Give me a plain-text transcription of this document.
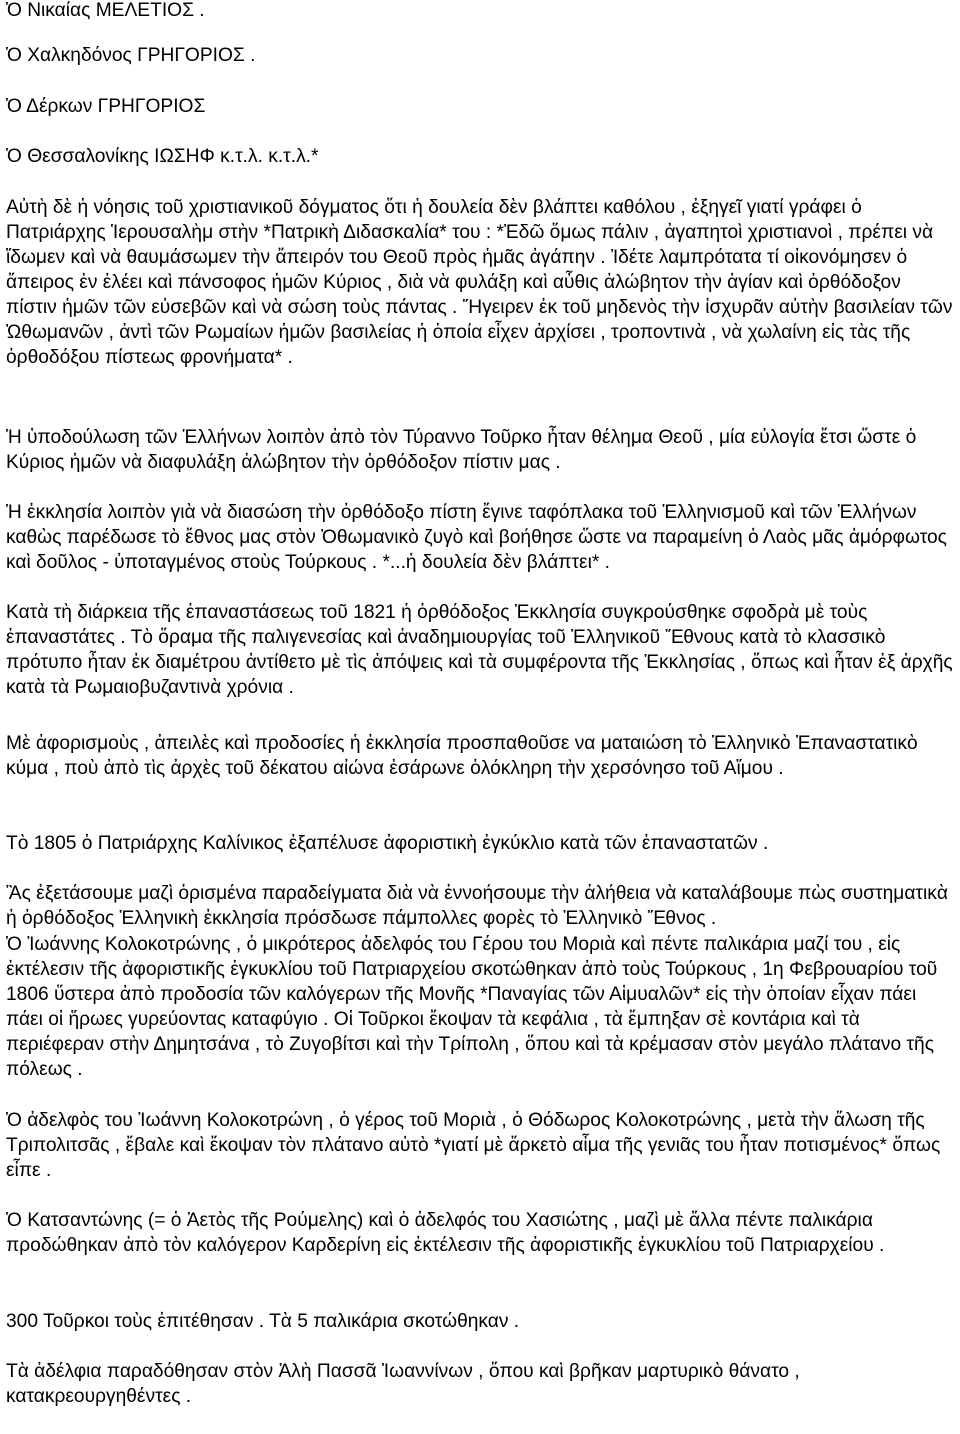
Ὁ Νικαίας ΜΕΛΕΤΙΟΣ .

Ὁ Χαλκηδόνος ΓΡΗΓΟΡΙΟΣ .

Ὁ Δέρκων ΓΡΗΓΟΡΙΟΣ

Ὁ Θεσσαλονίκης ΙΩΣΗΦ κ.τ.λ. κ.τ.λ.*

Αὐτὴ δὲ ἡ νόησις τοῦ χριστιανικοῦ δόγματος ὅτι ἡ δουλεία δὲν βλάπτει καθόλου , ἐξηγεῖ γιατί γράφει ὁ Πατριάρχης Ἱερουσαλὴμ στὴν *Πατρικὴ Διδασκαλία* του : *Ἐδῶ ὅμως πάλιν , ἀγαπητοὶ χριστιανοὶ , πρέπει νὰ ἴδωμεν καὶ νὰ θαυμάσωμεν τὴν ἄπειρόν του Θεοῦ πρὸς ἡμᾶς ἀγάπην . Ἰδέτε λαμπρότατα τί οἰκονόμησεν ὁ ἄπειρος ἐν ἐλέει καὶ πάνσοφος ἡμῶν Κύριος , διὰ νὰ φυλάξη καὶ αὖθις ἀλώβητον τὴν ἁγίαν καὶ ὀρθόδοξον πίστιν ἡμῶν τῶν εὐσεβῶν καὶ νὰ σώση τοὺς πάντας . Ἤγειρεν ἐκ τοῦ μηδενὸς τὴν ἰσχυρᾶν αὐτὴν βασιλείαν τῶν Ὠθωμανῶν , ἀντὶ τῶν Ρωμαίων ἡμῶν βασιλείας ἡ ὁποία εἶχεν ἀρχίσει , τροποντινὰ , νὰ χωλαίνη εἰς τὰς τῆς ὀρθοδόξου πίστεως φρονήματα* .

Ἡ ὑποδούλωση τῶν Ἑλλήνων λοιπὸν ἀπὸ τὸν Τύραννο Τοῦρκο ἦταν θέλημα Θεοῦ , μία εὐλογία ἔτσι ὥστε ὁ Κύριος ἡμῶν νὰ διαφυλάξη ἀλώβητον τὴν ὀρθόδοξον πίστιν μας .

Ἡ ἐκκλησία λοιπὸν γιὰ νὰ διασώση τὴν ὀρθόδοξο πίστη ἔγινε ταφόπλακα τοῦ Ἑλληνισμοῦ καὶ τῶν Ἑλλήνων καθὼς παρέδωσε τὸ ἔθνος μας στὸν Ὀθωμανικὸ ζυγὸ καὶ βοήθησε ὥστε να παραμείνη ὁ Λαὸς μᾶς ἀμόρφωτος καὶ δοῦλος - ὑποταγμένος στοὺς Τούρκους . *...ἡ δουλεία δὲν βλάπτει* .

Κατὰ τὴ διάρκεια τῆς ἐπαναστάσεως τοῦ 1821 ἡ ὀρθόδοξος Ἐκκλησία συγκρούσθηκε σφοδρὰ μὲ τοὺς ἐπαναστάτες . Τὸ ὅραμα τῆς παλιγενεσίας καὶ ἀναδημιουργίας τοῦ Ἑλληνικοῦ Ἔθνους κατὰ τὸ κλασσικὸ πρότυπο ἦταν ἐκ διαμέτρου ἀντίθετο μὲ τὶς ἀπόψεις καὶ τὰ συμφέροντα τῆς Ἐκκλησίας , ὅπως καὶ ἦταν ἐξ ἀρχῆς κατὰ τὰ Ρωμαιοβυζαντινὰ χρόνια .

Μὲ ἀφορισμοὺς , ἀπειλὲς καὶ προδοσίες ἡ ἐκκλησία προσπαθοῦσε να ματαιώση τὸ Ἑλληνικὸ Ἐπαναστατικὸ κύμα , ποὺ ἀπὸ τὶς ἀρχὲς τοῦ δέκατου αἰώνα ἐσάρωνε ὁλόκληρη τὴν χερσόνησο τοῦ Αἵμου .

Τὸ 1805 ὁ Πατριάρχης Καλίνικος ἐξαπέλυσε ἀφοριστικὴ ἐγκύκλιο κατὰ τῶν ἐπαναστατῶν .

Ἂς ἐξετάσουμε μαζὶ ὁρισμένα παραδείγματα διὰ νὰ ἐννοήσουμε τὴν ἀλήθεια νὰ καταλάβουμε πὼς συστηματικὰ ἡ ὀρθόδοξος Ἑλληνικὴ ἐκκλησία πρόσδωσε πάμπολλες φορὲς τὸ Ἑλληνικὸ Ἔθνος .

Ὁ Ἰωάννης Κολοκοτρώνης , ὁ μικρότερος ἀδελφός του Γέρου του Μοριὰ καὶ πέντε παλικάρια μαζί του , εἰς ἐκτέλεσιν τῆς ἀφοριστικῆς ἐγκυκλίου τοῦ Πατριαρχείου σκοτώθηκαν ἀπὸ τοὺς Τούρκους , 1η Φεβρουαρίου τοῦ 1806 ὕστερα ἀπὸ προδοσία τῶν καλόγερων τῆς Μονῆς *Παναγίας τῶν Αἱμυαλῶν* εἰς τὴν ὁποίαν εἶχαν πάει πάει οἱ ἥρωες γυρεύοντας καταφύγιο . Οἱ Τοῦρκοι ἔκοψαν τὰ κεφάλια , τὰ ἔμπηξαν σὲ κοντάρια καὶ τὰ περιέφεραν στὴν Δημητσάνα , τὸ Ζυγοβίτσι καὶ τὴν Τρίπολη , ὅπου καὶ τὰ κρέμασαν στὸν μεγάλο πλάτανο τῆς πόλεως .

Ὁ ἀδελφὸς του Ἰωάννη Κολοκοτρώνη , ὁ γέρος τοῦ Μοριὰ , ὁ Θόδωρος Κολοκοτρώνης , μετὰ τὴν ἅλωση τῆς Τριπολιτσᾶς , ἔβαλε καὶ ἔκοψαν τὸν πλάτανο αὐτὸ *γιατί μὲ ἄρκετὸ αἷμα τῆς γενιᾶς του ἦταν ποτισμένος* ὅπως εἶπε .

Ὁ Κατσαντώνης (= ὁ Ἀετὸς τῆς Ρούμελης) καὶ ὁ ἀδελφός του Χασιώτης , μαζὶ μὲ ἄλλα πέντε παλικάρια προδώθηκαν ἀπὸ τὸν καλόγερον Καρδερίνη εἰς ἐκτέλεσιν τῆς ἀφοριστικῆς ἐγκυκλίου τοῦ Πατριαρχείου .

300 Τοῦρκοι τοὺς ἐπιτέθησαν . Τὰ 5 παλικάρια σκοτώθηκαν .

Τὰ ἀδέλφια παραδόθησαν στὸν Ἀλὴ Πασσᾶ Ἰωαννίνων , ὅπου καὶ βρῆκαν μαρτυρικὸ θάνατο , κατακρεουργηθέντες .
